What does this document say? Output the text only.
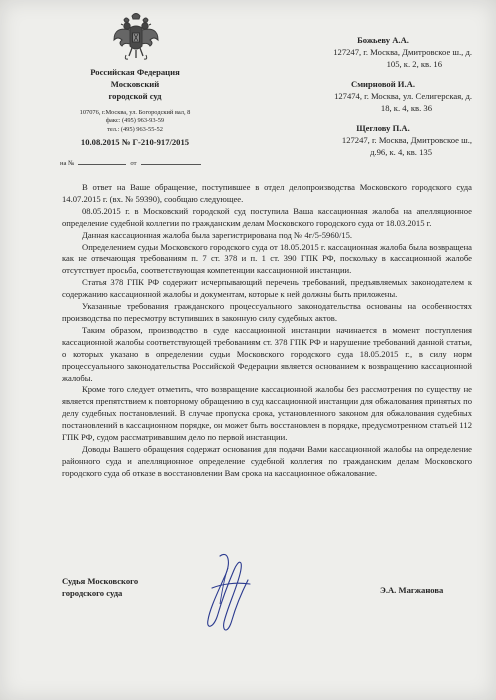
Российская Федерация
Московский
городской суд
107076, г.Москва, ул. Богородский вал, 8
факс: (495) 963-93-59
тел.: (495) 963-55-52
10.08.2015 № Г-210-917/2015
на №	от
Божьеву А.А.
127247, г. Москва, Дмитровское ш., д.
105, к. 2, кв. 16
Смирновой И.А.
127474, г. Москва, ул. Селигерская, д.
18, к. 4, кв. 36
Щеглову П.А.
127247, г. Москва, Дмитровское ш.,
д.96, к. 4, кв. 135

В ответ на Ваше обращение, поступившее в отдел делопроизводства Московского городского суда 14.07.2015 г. (вх. № 59390), сообщаю следующее.

08.05.2015 г. в Московский городской суд поступила Ваша кассационная жалоба на апелляционное определение судебной коллегии по гражданским делам Московского городского суда от 18.03.2015 г.

Данная кассационная жалоба была зарегистрирована под № 4г/5-5960/15.

Определением судьи Московского городского суда от 18.05.2015 г. кассационная жалоба была возвращена как не отвечающая требованиям п. 7 ст. 378 и п. 1 ст. 390 ГПК РФ, поскольку в кассационной жалобе отсутствует просьба, соответствующая компетенции кассационной инстанции.

Статья 378 ГПК РФ содержит исчерпывающий перечень требований, предъявляемых законодателем к содержанию кассационной жалобы и документам, которые к ней должны быть приложены.

Указанные требования гражданского процессуального законодательства основаны на особенностях производства по пересмотру вступивших в законную силу судебных актов.

Таким образом, производство в суде кассационной инстанции начинается в момент поступления кассационной жалобы соответствующей требованиям ст. 378 ГПК РФ и нарушение требований данной статьи, о которых указано в определении судьи Московского городского суда 18.05.2015 г., в силу норм процессуального законодательства Российской Федерации является основанием к возвращению кассационной жалобы.

Кроме того следует отметить, что возвращение кассационной жалобы без рассмотрения по существу не является препятствием к повторному обращению в суд кассационной инстанции для обжалования принятых по делу судебных постановлений. В случае пропуска срока, установленного законом для обжалования судебных постановлений в кассационном порядке, он может быть восстановлен в порядке, предусмотренном статьей 112 ГПК РФ, судом рассматривавшим дело по первой инстанции.

Доводы Вашего обращения содержат основания для подачи Вами кассационной жалобы на определение районного суда и апелляционное определение судебной коллегия по гражданским делам Московского городского суда об отказе в восстановлении Вам срока на кассационное обжалование.

Судья Московского
городского суда	Э.А. Магжанова
